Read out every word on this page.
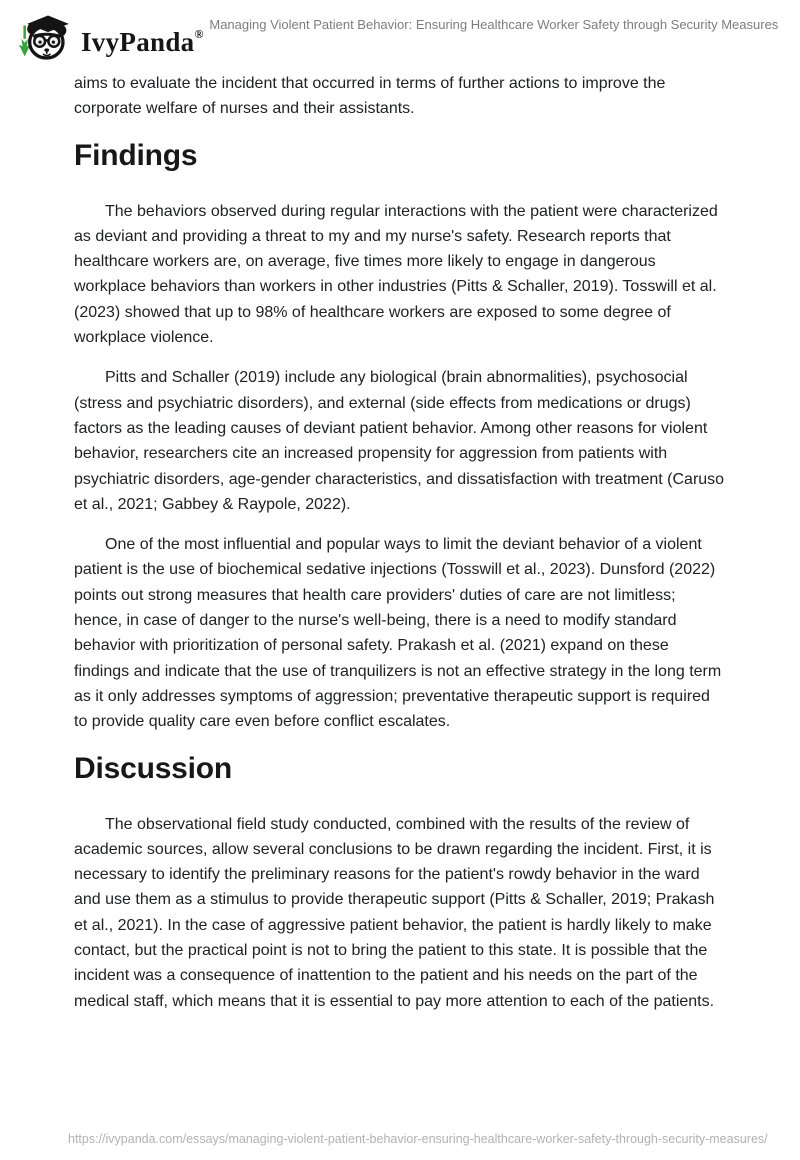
IvyPanda®
Managing Violent Patient Behavior: Ensuring Healthcare Worker Safety through Security Measures

aims to evaluate the incident that occurred in terms of further actions to improve the corporate welfare of nurses and their assistants.

Findings

The behaviors observed during regular interactions with the patient were characterized as deviant and providing a threat to my and my nurse's safety. Research reports that healthcare workers are, on average, five times more likely to engage in dangerous workplace behaviors than workers in other industries (Pitts & Schaller, 2019). Tosswill et al. (2023) showed that up to 98% of healthcare workers are exposed to some degree of workplace violence.

Pitts and Schaller (2019) include any biological (brain abnormalities), psychosocial (stress and psychiatric disorders), and external (side effects from medications or drugs) factors as the leading causes of deviant patient behavior. Among other reasons for violent behavior, researchers cite an increased propensity for aggression from patients with psychiatric disorders, age-gender characteristics, and dissatisfaction with treatment (Caruso et al., 2021; Gabbey & Raypole, 2022).

One of the most influential and popular ways to limit the deviant behavior of a violent patient is the use of biochemical sedative injections (Tosswill et al., 2023). Dunsford (2022) points out strong measures that health care providers' duties of care are not limitless; hence, in case of danger to the nurse's well-being, there is a need to modify standard behavior with prioritization of personal safety. Prakash et al. (2021) expand on these findings and indicate that the use of tranquilizers is not an effective strategy in the long term as it only addresses symptoms of aggression; preventative therapeutic support is required to provide quality care even before conflict escalates.

Discussion

The observational field study conducted, combined with the results of the review of academic sources, allow several conclusions to be drawn regarding the incident. First, it is necessary to identify the preliminary reasons for the patient's rowdy behavior in the ward and use them as a stimulus to provide therapeutic support (Pitts & Schaller, 2019; Prakash et al., 2021). In the case of aggressive patient behavior, the patient is hardly likely to make contact, but the practical point is not to bring the patient to this state. It is possible that the incident was a consequence of inattention to the patient and his needs on the part of the medical staff, which means that it is essential to pay more attention to each of the patients.

https://ivypanda.com/essays/managing-violent-patient-behavior-ensuring-healthcare-worker-safety-through-security-measures/
